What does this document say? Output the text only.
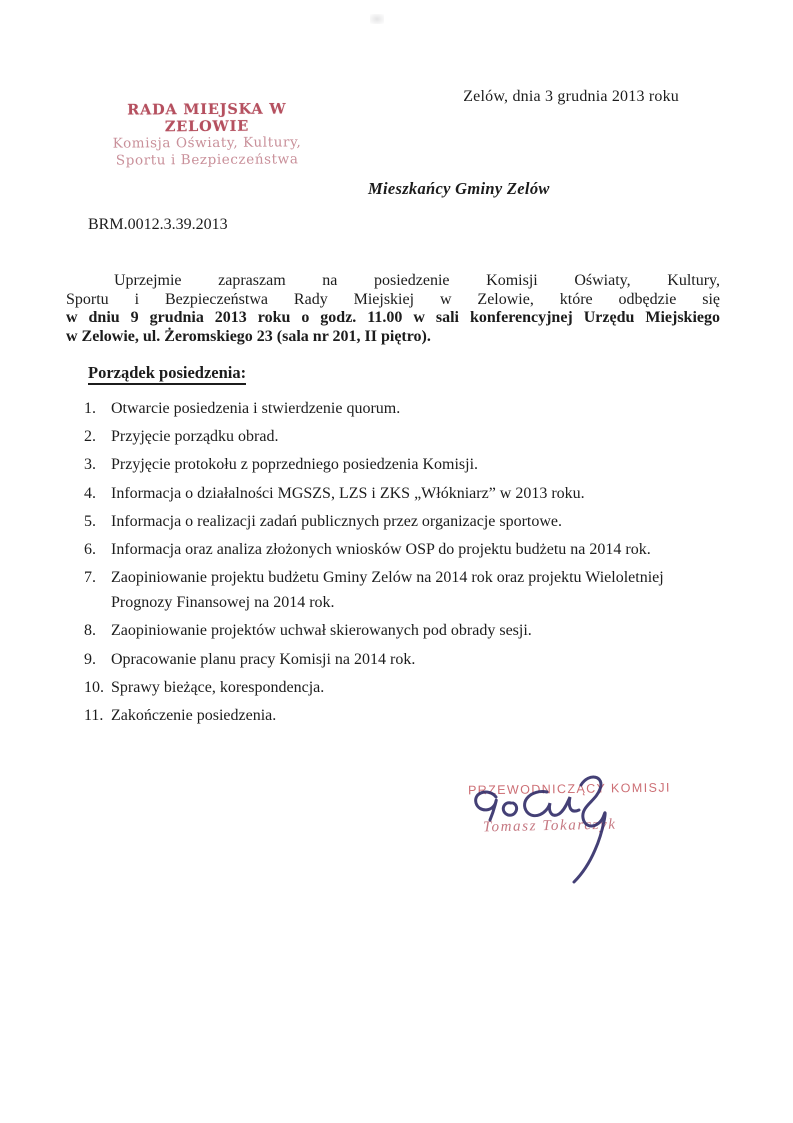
Zelów, dnia 3 grudnia 2013 roku
RADA MIEJSKA W ZELOWIE
Komisja Oświaty, Kultury,
Sportu i Bezpieczeństwa
Mieszkańcy Gminy Zelów
BRM.0012.3.39.2013
Uprzejmie zapraszam na posiedzenie Komisji Oświaty, Kultury,
Sportu i Bezpieczeństwa Rady Miejskiej w Zelowie, które odbędzie się
w dniu 9 grudnia 2013 roku o godz. 11.00 w sali konferencyjnej Urzędu Miejskiego
w Zelowie, ul. Żeromskiego 23 (sala nr 201, II piętro).
Porządek posiedzenia:
1. Otwarcie posiedzenia i stwierdzenie quorum.
2. Przyjęcie porządku obrad.
3. Przyjęcie protokołu z poprzedniego posiedzenia Komisji.
4. Informacja o działalności MGSZS, LZS i ZKS „Włókniarz” w 2013 roku.
5. Informacja o realizacji zadań publicznych przez organizacje sportowe.
6. Informacja oraz analiza złożonych wniosków OSP do projektu budżetu na 2014 rok.
7. Zaopiniowanie projektu budżetu Gminy Zelów na 2014 rok oraz projektu Wieloletniej Prognozy Finansowej na 2014 rok.
8. Zaopiniowanie projektów uchwał skierowanych pod obrady sesji.
9. Opracowanie planu pracy Komisji na 2014 rok.
10. Sprawy bieżące, korespondencja.
11. Zakończenie posiedzenia.
PRZEWODNICZĄCY KOMISJI
Tomasz Tokarczyk
